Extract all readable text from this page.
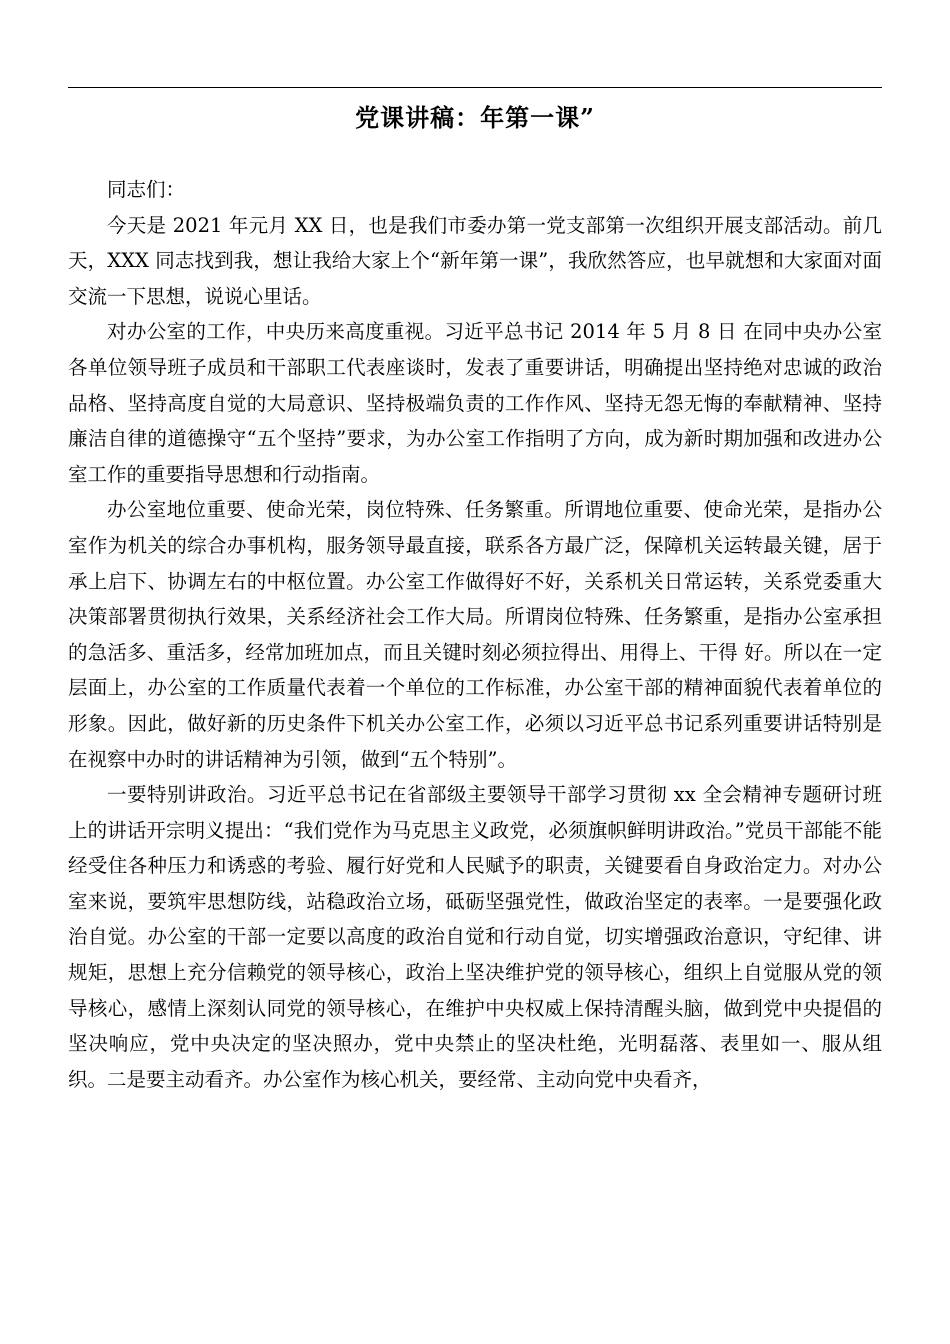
党课讲稿：年第一课”

同志们：

今天是 2021 年元月 XX 日，也是我们市委办第一党支部第一次组织开展支部活动。前几天，XXX 同志找到我，想让我给大家上个“新年第一课”，我欣然答应，也早就想和大家面对面交流一下思想，说说心里话。

对办公室的工作，中央历来高度重视。习近平总书记 2014 年 5 月 8 日 在同中央办公室各单位领导班子成员和干部职工代表座谈时，发表了重要讲话，明确提出坚持绝对忠诚的政治品格、坚持高度自觉的大局意识、坚持极端负责的工作作风、坚持无怨无悔的奉献精神、坚持廉洁自律的道德操守“五个坚持”要求，为办公室工作指明了方向，成为新时期加强和改进办公室工作的重要指导思想和行动指南。

办公室地位重要、使命光荣，岗位特殊、任务繁重。所谓地位重要、使命光荣，是指办公室作为机关的综合办事机构，服务领导最直接，联系各方最广泛，保障机关运转最关键，居于承上启下、协调左右的中枢位置。办公室工作做得好不好，关系机关日常运转，关系党委重大决策部署贯彻执行效果，关系经济社会工作大局。所谓岗位特殊、任务繁重，是指办公室承担的急活多、重活多，经常加班加点，而且关键时刻必须拉得出、用得上、干得 好。所以在一定层面上，办公室的工作质量代表着一个单位的工作标准，办公室干部的精神面貌代表着单位的形象。因此，做好新的历史条件下机关办公室工作，必须以习近平总书记系列重要讲话特别是在视察中办时的讲话精神为引领，做到“五个特别”。

一要特别讲政治。习近平总书记在省部级主要领导干部学习贯彻 xx 全会精神专题研讨班上的讲话开宗明义提出：“我们党作为马克思主义政党，必须旗帜鲜明讲政治。”党员干部能不能经受住各种压力和诱惑的考验、履行好党和人民赋予的职责，关键要看自身政治定力。对办公室来说，要筑牢思想防线，站稳政治立场，砥砺坚强党性，做政治坚定的表率。一是要强化政治自觉。办公室的干部一定要以高度的政治自觉和行动自觉，切实增强政治意识，守纪律、讲规矩，思想上充分信赖党的领导核心，政治上坚决维护党的领导核心，组织上自觉服从党的领导核心，感情上深刻认同党的领导核心，在维护中央权威上保持清醒头脑，做到党中央提倡的坚决响应，党中央决定的坚决照办，党中央禁止的坚决杜绝，光明磊落、表里如一、服从组织。二是要主动看齐。办公室作为核心机关，要经常、主动向党中央看齐，
